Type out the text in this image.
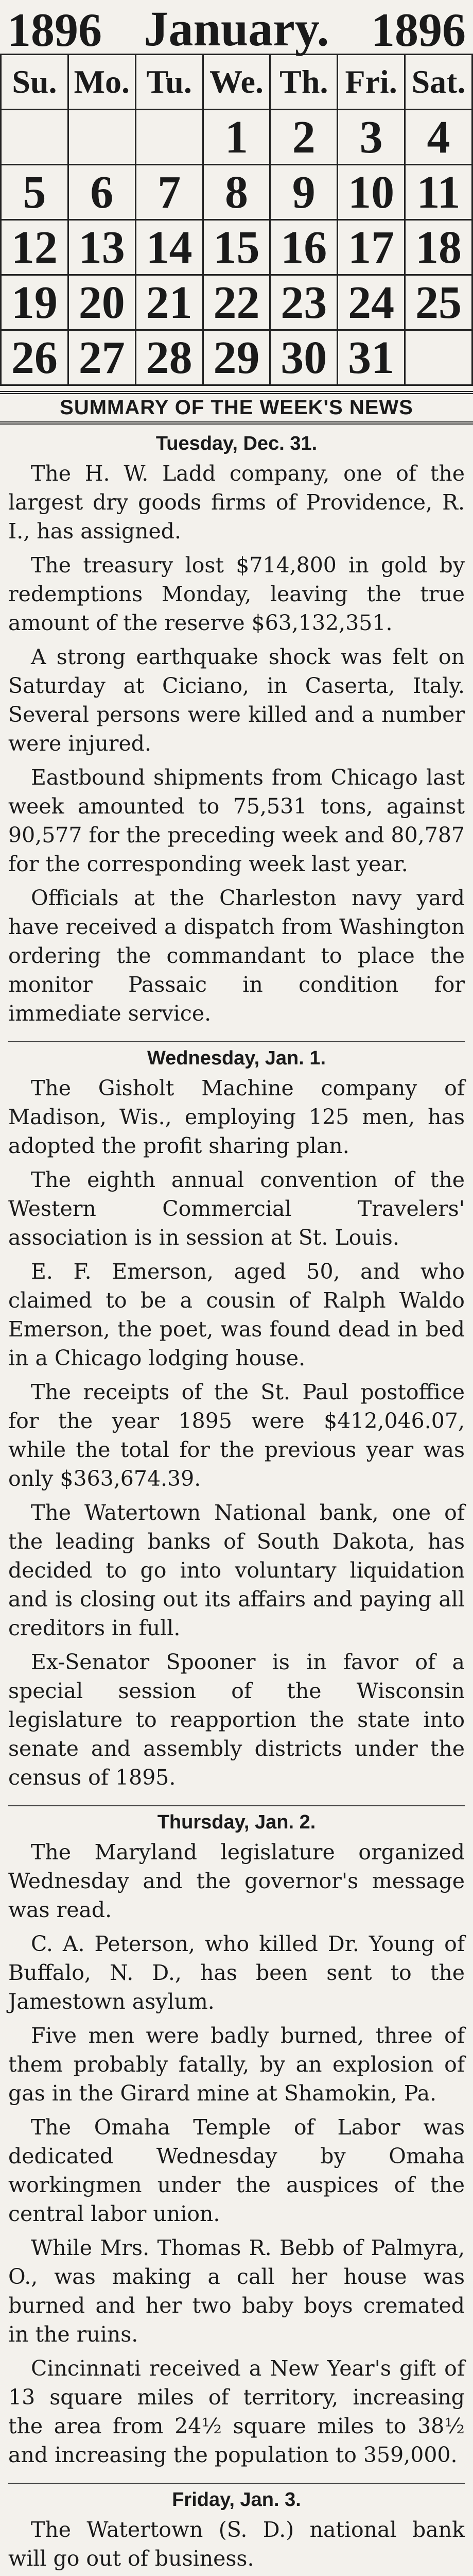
1896 January. 1896
Su.	Mo.	Tu.	We.	Th.	Fri.	Sat.
			1	2	3	4
5	6	7	8	9	10	11
12	13	14	15	16	17	18
19	20	21	22	23	24	25
26	27	28	29	30	31	
SUMMARY OF THE WEEK'S NEWS
Tuesday, Dec. 31.

The H. W. Ladd company, one of the largest dry goods firms of Providence, R. I., has assigned.

The treasury lost $714,800 in gold by redemptions Monday, leaving the true amount of the reserve $63,132,351.

A strong earthquake shock was felt on Saturday at Ciciano, in Caserta, Italy. Several persons were killed and a number were injured.

Eastbound shipments from Chicago last week amounted to 75,531 tons, against 90,577 for the preceding week and 80,787 for the corresponding week last year.

Officials at the Charleston navy yard have received a dispatch from Washington ordering the commandant to place the monitor Passaic in condition for immediate service.

Wednesday, Jan. 1.

The Gisholt Machine company of Madison, Wis., employing 125 men, has adopted the profit sharing plan.

The eighth annual convention of the Western Commercial Travelers' association is in session at St. Louis.

E. F. Emerson, aged 50, and who claimed to be a cousin of Ralph Waldo Emerson, the poet, was found dead in bed in a Chicago lodging house.

The receipts of the St. Paul postoffice for the year 1895 were $412,046.07, while the total for the previous year was only $363,674.39.

The Watertown National bank, one of the leading banks of South Dakota, has decided to go into voluntary liquidation and is closing out its affairs and paying all creditors in full.

Ex-Senator Spooner is in favor of a special session of the Wisconsin legislature to reapportion the state into senate and assembly districts under the census of 1895.

Thursday, Jan. 2.

The Maryland legislature organized Wednesday and the governor's message was read.

C. A. Peterson, who killed Dr. Young of Buffalo, N. D., has been sent to the Jamestown asylum.

Five men were badly burned, three of them probably fatally, by an explosion of gas in the Girard mine at Shamokin, Pa.

The Omaha Temple of Labor was dedicated Wednesday by Omaha workingmen under the auspices of the central labor union.

While Mrs. Thomas R. Bebb of Palmyra, O., was making a call her house was burned and her two baby boys cremated in the ruins.

Cincinnati received a New Year's gift of 13 square miles of territory, increasing the area from 24½ square miles to 38½ and increasing the population to 359,000.

Friday, Jan. 3.

The Watertown (S. D.) national bank will go out of business.
